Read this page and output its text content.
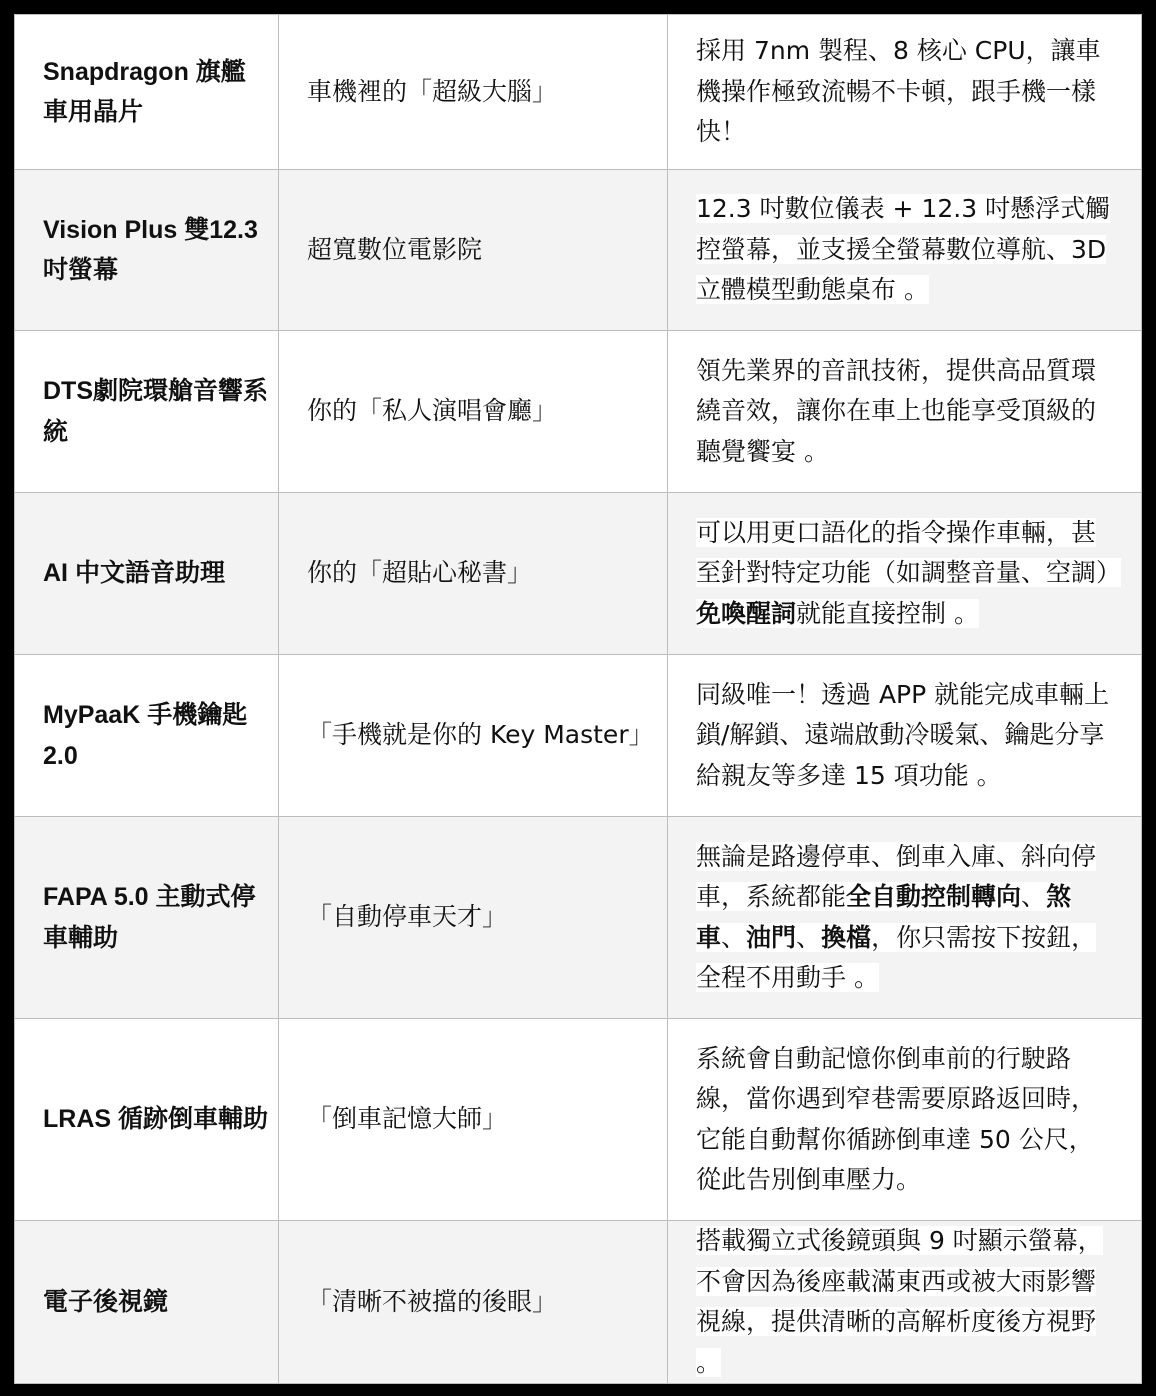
Snapdragon 旗艦車用晶片	車機裡的「超級大腦」	採用 7nm 製程、8 核心 CPU，讓車機操作極致流暢不卡頓，跟手機一樣快！

Vision Plus 雙12.3吋螢幕	超寬數位電影院	12.3 吋數位儀表 + 12.3 吋懸浮式觸控螢幕，並支援全螢幕數位導航、3D 立體模型動態桌布 。

DTS劇院環艙音響系統	你的「私人演唱會廳」	領先業界的音訊技術，提供高品質環繞音效，讓你在車上也能享受頂級的聽覺饗宴 。

AI 中文語音助理	你的「超貼心秘書」	可以用更口語化的指令操作車輛，甚至針對特定功能（如調整音量、空調）免喚醒詞就能直接控制 。

MyPaaK 手機鑰匙2.0	「手機就是你的 Key Master」	同級唯一！透過 APP 就能完成車輛上鎖/解鎖、遠端啟動冷暖氣、鑰匙分享給親友等多達 15 項功能 。

FAPA 5.0 主動式停車輔助	「自動停車天才」	無論是路邊停車、倒車入庫、斜向停車，系統都能全自動控制轉向、煞車、油門、換檔，你只需按下按鈕，全程不用動手 。

LRAS 循跡倒車輔助	「倒車記憶大師」	系統會自動記憶你倒車前的行駛路線，當你遇到窄巷需要原路返回時，它能自動幫你循跡倒車達 50 公尺，從此告別倒車壓力。

電子後視鏡	「清晰不被擋的後眼」	搭載獨立式後鏡頭與 9 吋顯示螢幕，不會因為後座載滿東西或被大雨影響視線，提供清晰的高解析度後方視野 。
